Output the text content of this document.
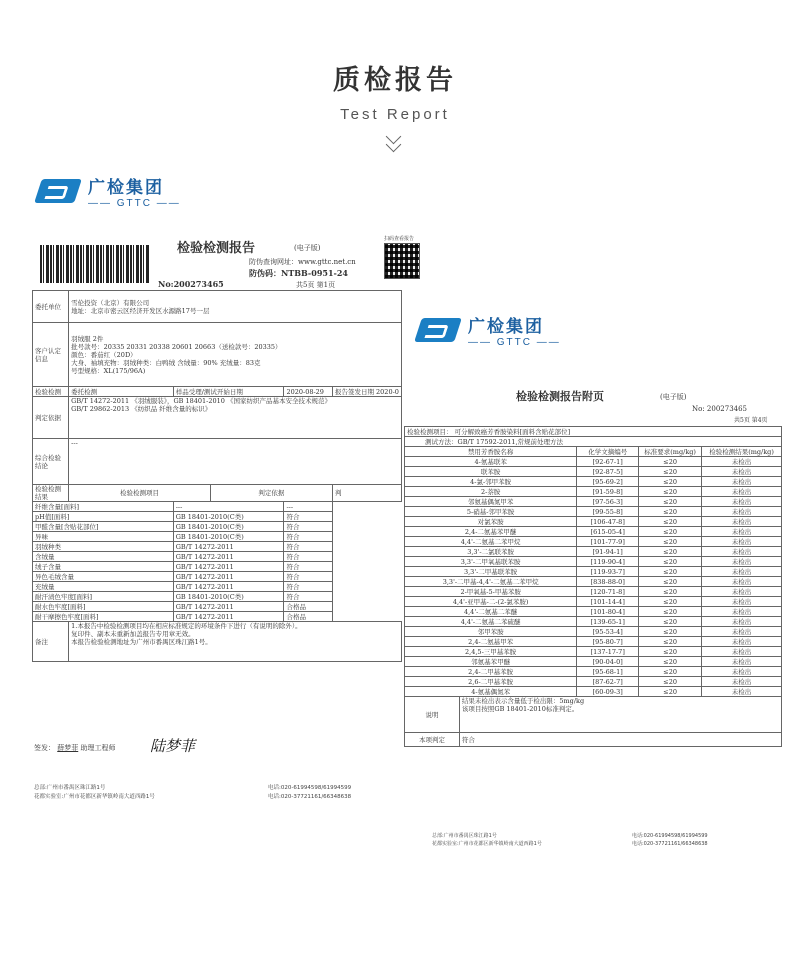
质检报告
Test Report
广检集团
—— GTTC ——
检验检测报告	(电子版)
扫码查看报告
防伪查询网址：www.gttc.net.cn
防伪码：NTBB-0951-24
No:200273465	共5页 第1页
委托单位	雪伦投资（北京）有限公司
地址：北京市密云区经济开发区水源路17号一层				

客户认定信息	羽绒服 2件
批号款号：20335 20331 20338 20601 20663（送检款号：20335）
颜色：番茄红（20D）
大身、袖填充物：羽绒种类：白鸭绒 含绒量：90% 充绒量：83克
号型规格：XL(175/96A)				

检验检测	委托检测	样品受理/测试开始日期		2020-08-29	报告签发日期 2020-0
判定依据	GB/T 14272-2011 《羽绒服装》，GB 18401-2010 《国家纺织产品基本安全技术规范》
GB/T 29862-2013 《纺织品 纤维含量的标识》				

综合检验结论	---				
检验检测结果	检验检测项目		判定依据		判
纤维含量[面料]		---		---	
pH值[面料]		GB 18401-2010(C类)		符合	
甲醛含量[含贴花部位]		GB 18401-2010(C类)		符合	
异味		GB 18401-2010(C类)		符合	
羽绒种类		GB/T 14272-2011		符合	
含绒量		GB/T 14272-2011		符合	
绒子含量		GB/T 14272-2011		符合	
异色毛绒含量		GB/T 14272-2011		符合	
充绒量		GB/T 14272-2011		符合	
耐汗渍色牢度[面料]		GB 18401-2010(C类)		符合	
耐水色牢度[面料]		GB/T 14272-2011		合格品	
耐干摩擦色牢度[面料]		GB/T 14272-2011		合格品	
备注	1.本报告中检验检测项目均在相应标准规定的环境条件下进行（有说明的除外）。
复印件、副本未重新加盖报告专用章无效。
本报告检验检测地址为广州市番禺区珠江路1号。				
签发： 薛梦菲 助理工程师 陆梦菲
总部:广州市番禺区珠江路1号
花都实验室:广州市花都区新华镇岭南大道西路1号
电话:020-61994598/61994599
电话:020-37721161/66348638
广检集团
—— GTTC ——
检验检测报告附页	(电子版)
No: 200273465
共5页 第4页
检验检测项目： 可分解致癌芳香胺染料[面料含贴花部位]				
测试方法：GB/T 17592-2011,常规前处理方法				
禁用芳香胺名称		化学文摘编号	标准要求(mg/kg)	检验检测结果(mg/kg)
4-氨基联苯		[92-67-1]	≤20	未检出
联苯胺		[92-87-5]	≤20	未检出
4-氯-邻甲苯胺		[95-69-2]	≤20	未检出
2-萘胺		[91-59-8]	≤20	未检出
邻氨基偶氮甲苯		[97-56-3]	≤20	未检出
5-硝基-邻甲苯胺		[99-55-8]	≤20	未检出
对氯苯胺		[106-47-8]	≤20	未检出
2,4-二氨基苯甲醚		[615-05-4]	≤20	未检出
4,4'-二氨基二苯甲烷		[101-77-9]	≤20	未检出
3,3'-二氯联苯胺		[91-94-1]	≤20	未检出
3,3'-二甲氧基联苯胺		[119-90-4]	≤20	未检出
3,3'-二甲基联苯胺		[119-93-7]	≤20	未检出
3,3'-二甲基-4,4'-二氨基二苯甲烷		[838-88-0]	≤20	未检出
2-甲氧基-5-甲基苯胺		[120-71-8]	≤20	未检出
4,4'-亚甲基-二-(2-氯苯胺)		[101-14-4]	≤20	未检出
4,4'-二氨基二苯醚		[101-80-4]	≤20	未检出
4,4'-二氨基二苯硫醚		[139-65-1]	≤20	未检出
邻甲苯胺		[95-53-4]	≤20	未检出
2,4-二氨基甲苯		[95-80-7]	≤20	未检出
2,4,5-三甲基苯胺		[137-17-7]	≤20	未检出
邻氨基苯甲醚		[90-04-0]	≤20	未检出
2,4-二甲基苯胺		[95-68-1]	≤20	未检出
2,6-二甲基苯胺		[87-62-7]	≤20	未检出
4-氨基偶氮苯		[60-09-3]	≤20	未检出
说明	结果未检出表示含量低于检出限：5mg/kg
该项目按照GB 18401-2010标准判定。			

本项判定	符合			
总部:广州市番禺区珠江路1号
花都实验室:广州市花都区新华镇岭南大道西路1号
电话:020-61994598/61994599
电话:020-37721161/66348638
